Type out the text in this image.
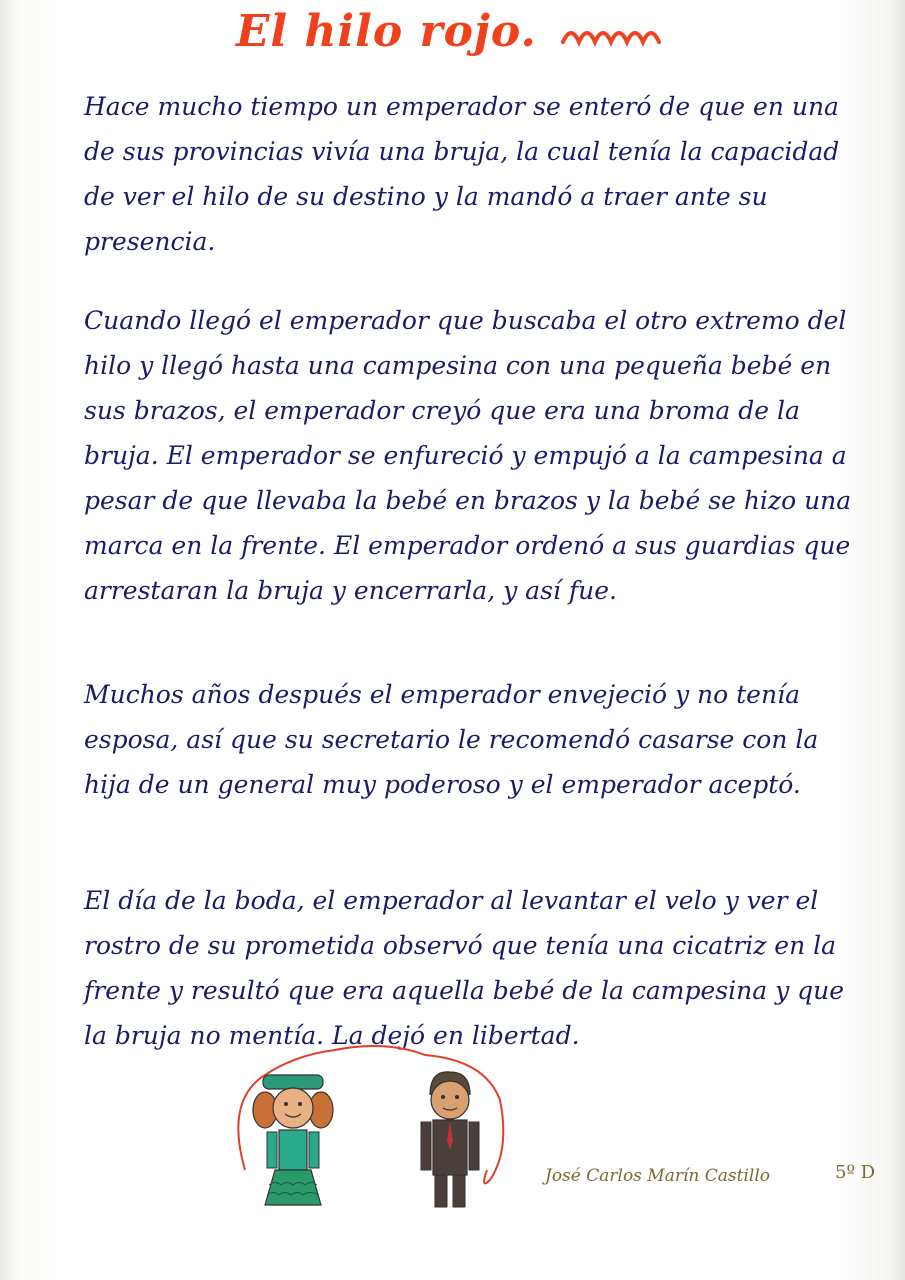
El hilo rojo.

Hace mucho tiempo un emperador se enteró de que en una de sus provincias vivía una bruja, la cual tenía la capacidad de ver el hilo de su destino y la mandó a traer ante su presencia.

Cuando llegó el emperador que buscaba el otro extremo del hilo y llegó hasta una campesina con una pequeña bebé en sus brazos, el emperador creyó que era una broma de la bruja. El emperador se enfureció y empujó a la campesina a pesar de que llevaba la bebé en brazos y la bebé se hizo una marca en la frente. El emperador ordenó a sus guardias que arrestaran la bruja y encerrarla, y así fue.

Muchos años después el emperador envejeció y no tenía esposa, así que su secretario le recomendó casarse con la hija de un general muy poderoso y el emperador aceptó.

El día de la boda, el emperador al levantar el velo y ver el rostro de su prometida observó que tenía una cicatriz en la frente y resultó que era aquella bebé de la campesina y que la bruja no mentía. La dejó en libertad.

José Carlos Marín Castillo	5º D
